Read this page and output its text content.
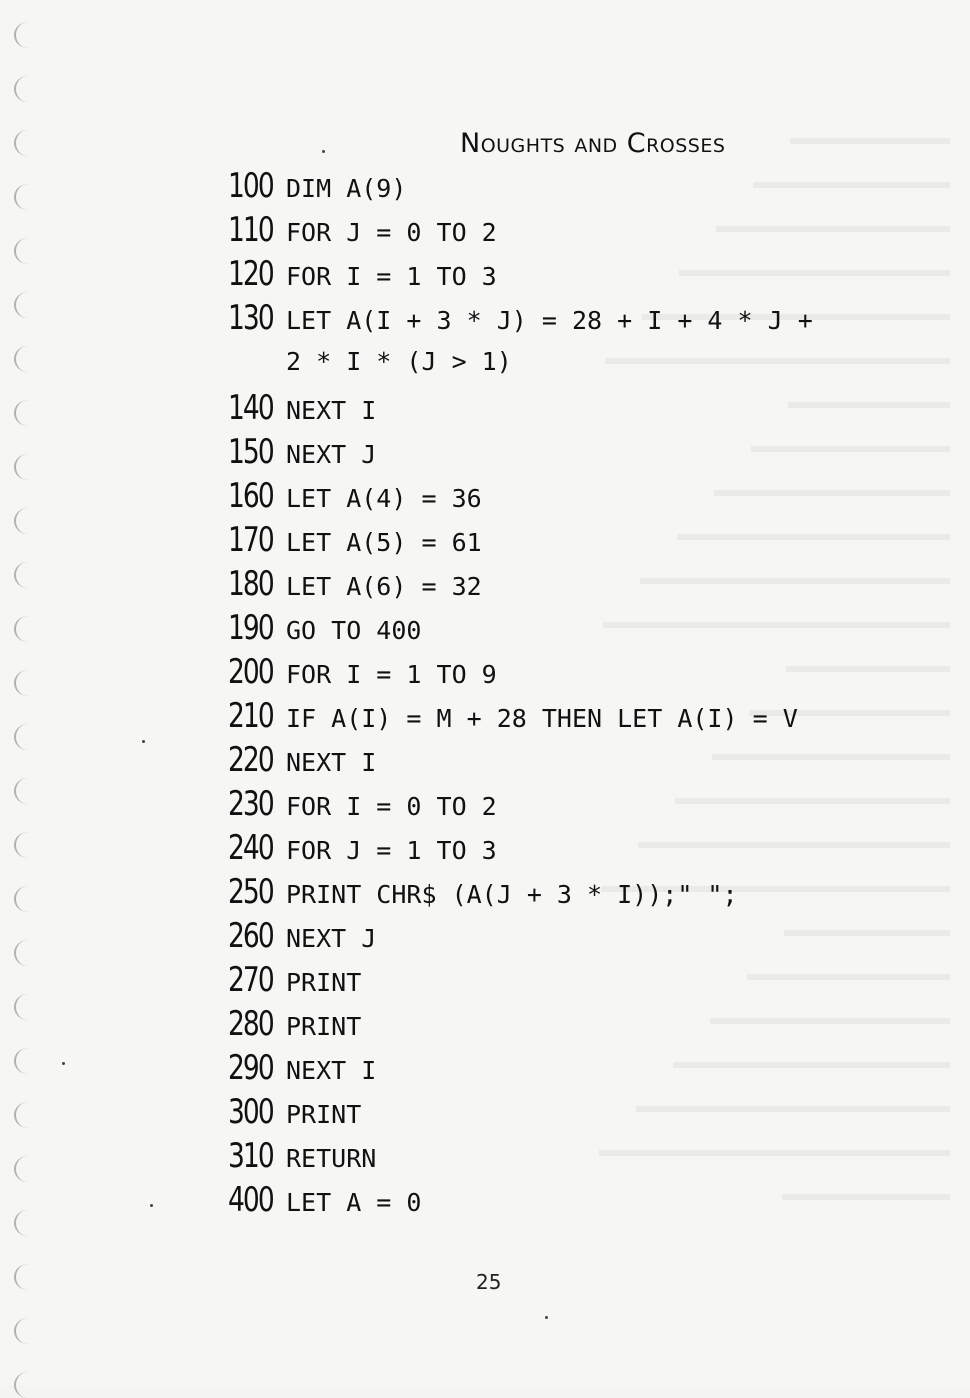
Noughts and Crosses
100 DIM A(9)
110 FOR J = 0 TO 2
120 FOR I = 1 TO 3
130 LET A(I + 3 * J) = 28 + I + 4 * J +
2 * I * (J > 1)
140 NEXT I
150 NEXT J
160 LET A(4) = 36
170 LET A(5) = 61
180 LET A(6) = 32
190 GO TO 400
200 FOR I = 1 TO 9
210 IF A(I) = M + 28 THEN LET A(I) = V
220 NEXT I
230 FOR I = 0 TO 2
240 FOR J = 1 TO 3
250 PRINT CHR$ (A(J + 3 * I));" ";
260 NEXT J
270 PRINT
280 PRINT
290 NEXT I
300 PRINT
310 RETURN
400 LET A = 0
25
